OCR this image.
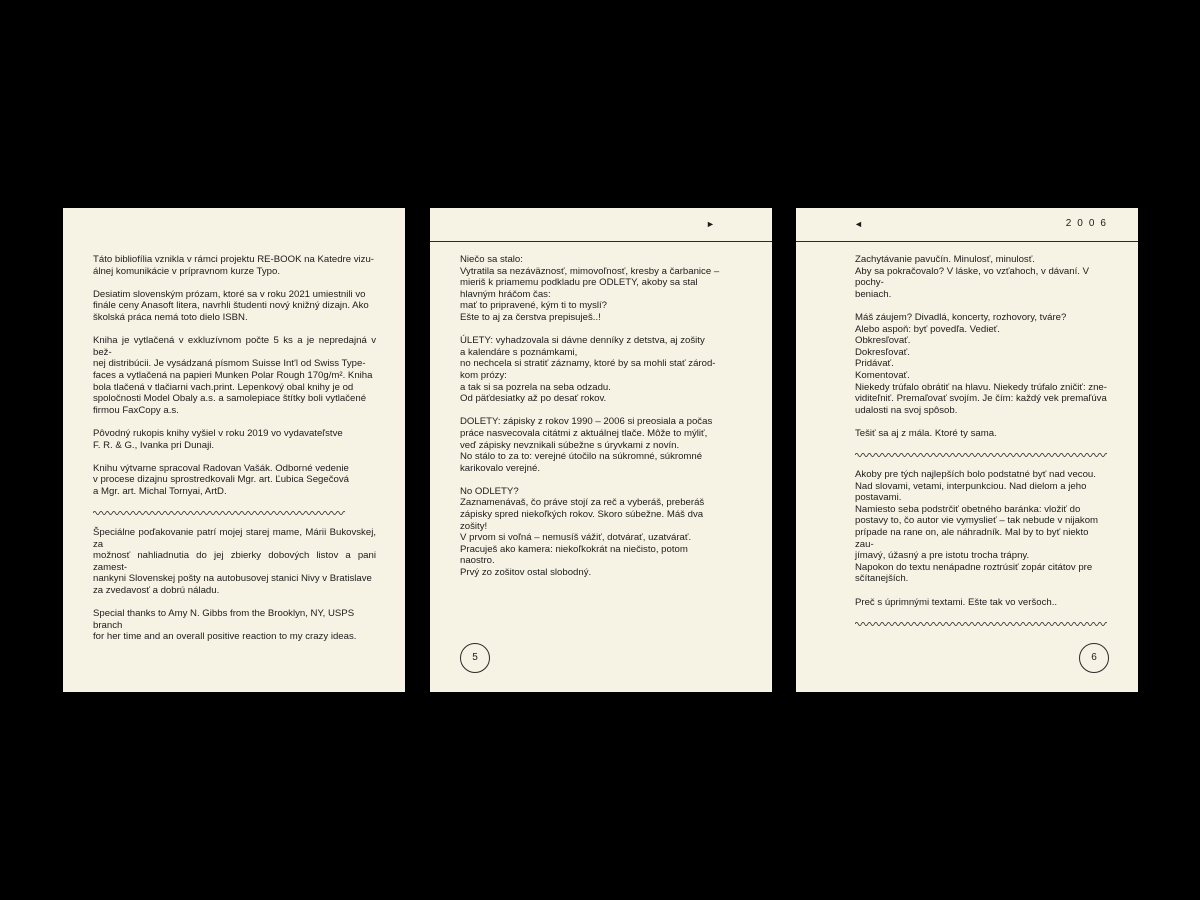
Táto bibliofília vznikla v rámci projektu RE-BOOK na Katedre vizu-
álnej komunikácie v prípravnom kurze Typo.
Desiatim slovenským prózam, ktoré sa v roku 2021 umiestnili vo
finále ceny Anasoft litera, navrhli študenti nový knižný dizajn. Ako
školská práca nemá toto dielo ISBN.
Kniha je vytlačená v exkluzívnom počte 5 ks a je nepredajná v bež-
nej distribúcii. Je vysádzaná písmom Suisse Int'l od Swiss Type-
faces a vytlačená na papieri Munken Polar Rough 170g/m². Kniha
bola tlačená v tlačiarni vach.print. Lepenkový obal knihy je od
spoločnosti Model Obaly a.s. a samolepiace štítky boli vytlačené
firmou FaxCopy a.s.
Pôvodný rukopis knihy vyšiel v roku 2019 vo vydavateľstve
F. R. & G., Ivanka pri Dunaji.
Knihu výtvarne spracoval Radovan Vašák. Odborné vedenie
v procese dizajnu sprostredkovali Mgr. art. Ľubica Segečová
a Mgr. art. Michal Tornyai, ArtD.
Špeciálne poďakovanie patrí mojej starej mame, Márii Bukovskej, za
možnosť nahliadnutia do jej zbierky dobových listov a pani zamest-
nankyni Slovenskej pošty na autobusovej stanici Nivy v Bratislave
za zvedavosť a dobrú náladu.
Special thanks to Amy N. Gibbs from the Brooklyn, NY, USPS branch
for her time and an overall positive reaction to my crazy ideas.
►
Niečo sa stalo:
Vytratila sa nezáväznosť, mimovoľnosť, kresby a čarbanice –
mieriš k priamemu podkladu pre ODLETY, akoby sa stal
hlavným hráčom čas:
mať to pripravené, kým ti to myslí?
Ešte to aj za čerstva prepisuješ..!
ÚLETY: vyhadzovala si dávne denníky z detstva, aj zošity
a kalendáre s poznámkami,
no nechcela si stratiť záznamy, ktoré by sa mohli stať zárod-
kom prózy:
a tak si sa pozrela na seba odzadu.
Od päťdesiatky až po desať rokov.
DOLETY: zápisky z rokov 1990 – 2006 si preosiala a počas
práce nasvecovala citátmi z aktuálnej tlače. Môže to mýliť,
veď zápisky nevznikali súbežne s úryvkami z novín.
No stálo to za to: verejné útočilo na súkromné, súkromné
karikovalo verejné.
No ODLETY?
Zaznamenávaš, čo práve stojí za reč a vyberáš, preberáš
zápisky spred niekoľkých rokov. Skoro súbežne. Máš dva
zošity!
V prvom si voľná – nemusíš vážiť, dotvárať, uzatvárať.
Pracuješ ako kamera: niekoľkokrát na niečisto, potom
naostro.
Prvý zo zošitov ostal slobodný.
5
◄	2006
Zachytávanie pavučín. Minulosť, minulosť.
Aby sa pokračovalo? V láske, vo vzťahoch, v dávaní. V pochy-
beniach.
Máš záujem? Divadlá, koncerty, rozhovory, tváre?
Alebo aspoň: byť povedľa. Vedieť.
Obkresľovať.
Dokresľovať.
Pridávať.
Komentovať.
Niekedy trúfalo obrátiť na hlavu. Niekedy trúfalo zničiť: zne-
viditeľniť. Premaľovať svojím. Je čím: každý vek premaľúva
udalosti na svoj spôsob.
Tešiť sa aj z mála. Ktoré ty sama.
Akoby pre tých najlepších bolo podstatné byť nad vecou.
Nad slovami, vetami, interpunkciou. Nad dielom a jeho
postavami.
Namiesto seba podstrčiť obetného baránka: vložiť do
postavy to, čo autor vie vymyslieť – tak nebude v nijakom
prípade na rane on, ale náhradník. Mal by to byť niekto zau-
jímavý, úžasný a pre istotu trocha trápny.
Napokon do textu nenápadne roztrúsiť zopár citátov pre
sčítanejších.
Preč s úprimnými textami. Ešte tak vo veršoch..
6
